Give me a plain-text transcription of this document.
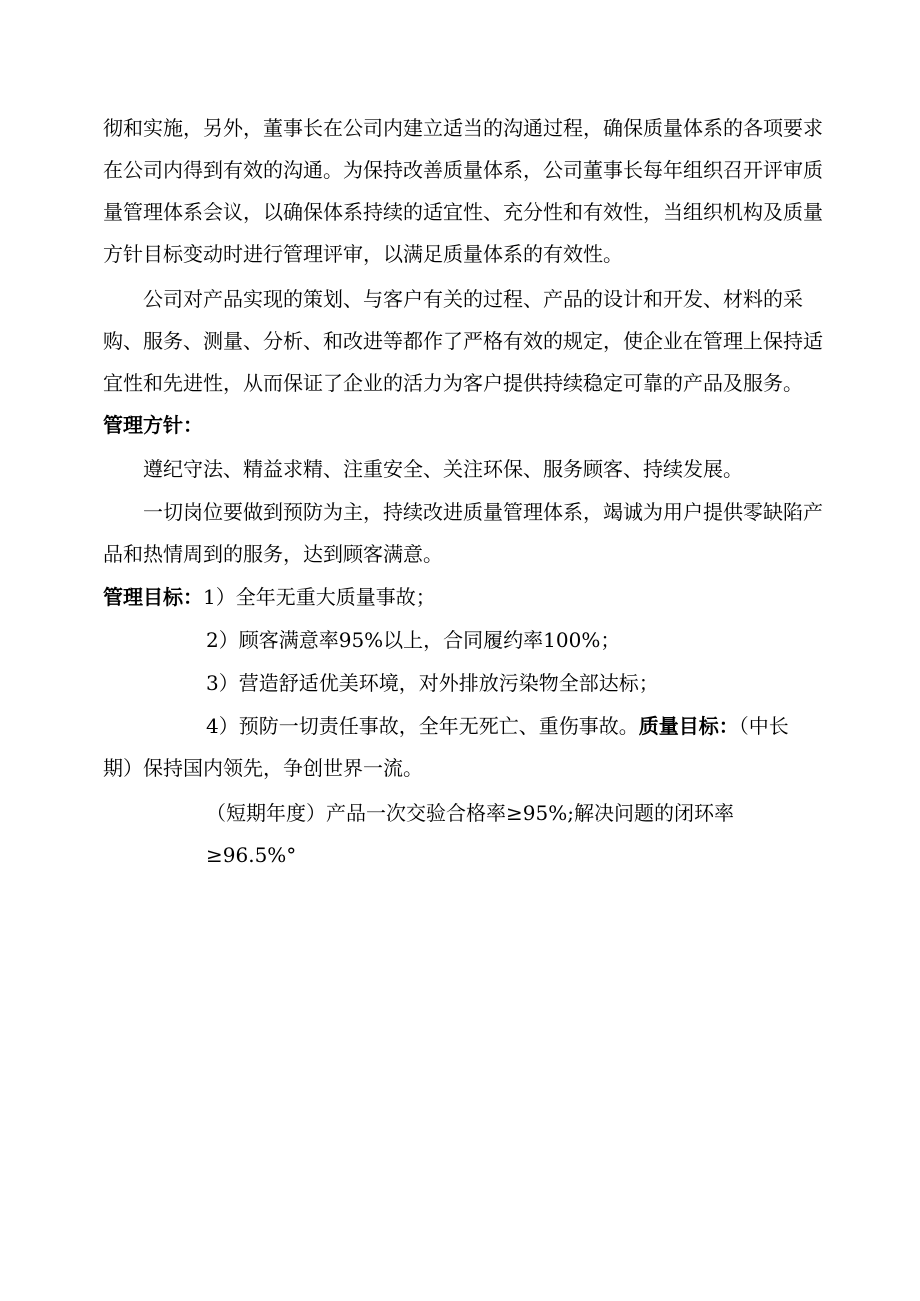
彻和实施，另外，董事长在公司内建立适当的沟通过程，确保质量体系的各项要求

在公司内得到有效的沟通。为保持改善质量体系，公司董事长每年组织召开评审质

量管理体系会议，以确保体系持续的适宜性、充分性和有效性，当组织机构及质量

方针目标变动时进行管理评审，以满足质量体系的有效性。

公司对产品实现的策划、与客户有关的过程、产品的设计和开发、材料的采

购、服务、测量、分析、和改进等都作了严格有效的规定，使企业在管理上保持适

宜性和先进性，从而保证了企业的活力为客户提供持续稳定可靠的产品及服务。

管理方针：

遵纪守法、精益求精、注重安全、关注环保、服务顾客、持续发展。

一切岗位要做到预防为主，持续改进质量管理体系，竭诚为用户提供零缺陷产

品和热情周到的服务，达到顾客满意。

管理目标：1）全年无重大质量事故；

2）顾客满意率95%以上，合同履约率100%；

3）营造舒适优美环境，对外排放污染物全部达标；

4）预防一切责任事故，全年无死亡、重伤事故。质量目标：（中长

期）保持国内领先，争创世界一流。

（短期年度）产品一次交验合格率≥95%;解决问题的闭环率

≥96.5%°
